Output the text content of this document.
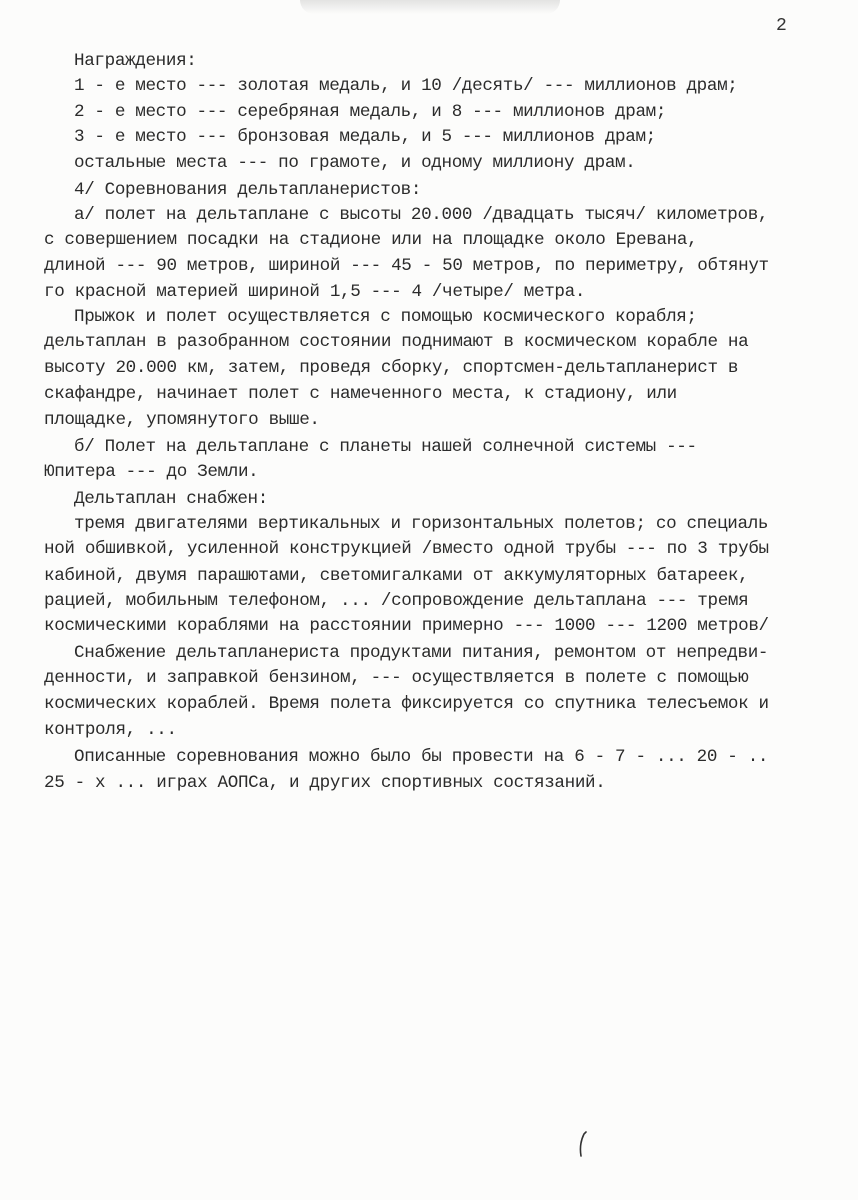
2
Награждения:
1 - е место --- золотая медаль, и 10 /десять/ --- миллионов драм;
2 - е место --- серебряная медаль, и 8 --- миллионов драм;
3 - е место --- бронзовая медаль, и 5 --- миллионов драм;
остальные места --- по грамоте, и одному миллиону драм.
4/ Соревнования дельтапланеристов:
а/ полет на дельтаплане с высоты 20.000 /двадцать тысяч/ километров,
с совершением посадки на стадионе или на площадке около Еревана,
длиной --- 90 метров, шириной --- 45 - 50 метров, по периметру, обтянут
го красной материей шириной 1,5 --- 4 /четыре/ метра.
Прыжок и полет осуществляется с помощью космического корабля;
дельтаплан в разобранном состоянии поднимают в космическом корабле на
высоту 20.000 км, затем, проведя сборку, спортсмен-дельтапланерист в
скафандре, начинает полет с намеченного места, к стадиону, или
площадке, упомянутого выше.
б/ Полет на дельтаплане с планеты нашей солнечной системы ---
Юпитера --- до Земли.
Дельтаплан снабжен:
тремя двигателями вертикальных и горизонтальных полетов; со специаль
ной обшивкой, усиленной конструкцией /вместо одной трубы --- по 3 трубы
кабиной, двумя парашютами, светомигалками от аккумуляторных батареек,
рацией, мобильным телефоном, ... /сопровождение дельтаплана --- тремя
космическими кораблями на расстоянии примерно --- 1000 --- 1200 метров/
Снабжение дельтапланериста продуктами питания, ремонтом от непредви-
денности, и заправкой бензином, --- осуществляется в полете с помощью
космических кораблей. Время полета фиксируется со спутника телесъемок и
контроля, ...
Описанные соревнования можно было бы провести на 6 - 7 - ... 20 - ..
25 - х ... играх АОПСа, и других спортивных состязаний.
